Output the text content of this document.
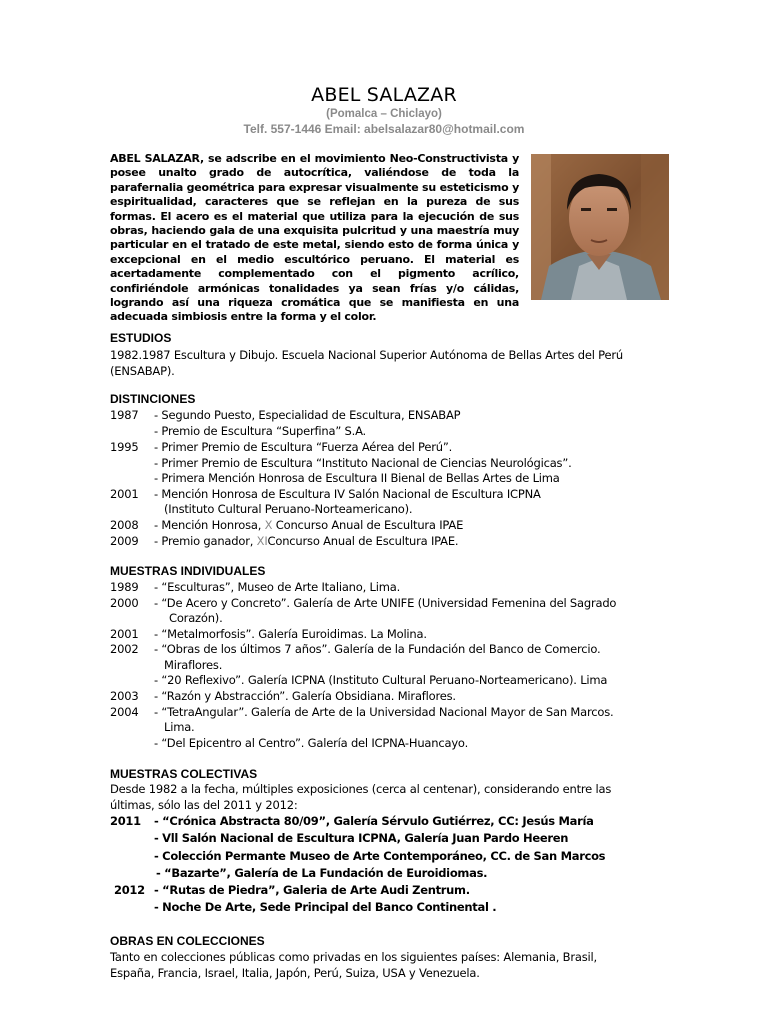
ABEL SALAZAR
(Pomalca – Chiclayo)
Telf. 557-1446 Email: abelsalazar80@hotmail.com
ABEL SALAZAR, se adscribe en el movimiento Neo-Constructivista y posee unalto grado de autocrítica, valiéndose de toda la parafernalia geométrica para expresar visualmente su esteticismo y espiritualidad, caracteres que se reflejan en la pureza de sus formas. El acero es el material que utiliza para la ejecución de sus obras, haciendo gala de una exquisita pulcritud y una maestría muy particular en el tratado de este metal, siendo esto de forma única y excepcional en el medio escultórico peruano. El material es acertadamente complementado con el pigmento acrílico, confiriéndole armónicas tonalidades ya sean frías y/o cálidas, logrando así una riqueza cromática que se manifiesta en una adecuada simbiosis entre la forma y el color.
ESTUDIOS
1982.1987 Escultura y Dibujo. Escuela Nacional Superior Autónoma de Bellas Artes del Perú (ENSABAP).
DISTINCIONES
1987 - Segundo Puesto, Especialidad de Escultura, ENSABAP
- Premio de Escultura “Superfina” S.A.
1995 - Primer Premio de Escultura “Fuerza Aérea del Perú”.
- Primer Premio de Escultura “Instituto Nacional de Ciencias Neurológicas”.
- Primera Mención Honrosa de Escultura II Bienal de Bellas Artes de Lima
2001 - Mención Honrosa de Escultura IV Salón Nacional de Escultura ICPNA
(Instituto Cultural Peruano-Norteamericano).
2008 - Mención Honrosa, X Concurso Anual de Escultura IPAE
2009 - Premio ganador, XIConcurso Anual de Escultura IPAE.
MUESTRAS INDIVIDUALES
1989 - “Esculturas”, Museo de Arte Italiano, Lima.
2000 - “De Acero y Concreto”. Galería de Arte UNIFE (Universidad Femenina del Sagrado
Corazón).
2001 - “Metalmorfosis”. Galería Euroidimas. La Molina.
2002 - “Obras de los últimos 7 años”. Galería de la Fundación del Banco de Comercio.
Miraflores.
- “20 Reflexivo”. Galería ICPNA (Instituto Cultural Peruano-Norteamericano). Lima
2003 - “Razón y Abstracción”. Galería Obsidiana. Miraflores.
2004 - “TetraAngular”. Galería de Arte de la Universidad Nacional Mayor de San Marcos.
Lima.
- “Del Epicentro al Centro”. Galería del ICPNA-Huancayo.
MUESTRAS COLECTIVAS
Desde 1982 a la fecha, múltiples exposiciones (cerca al centenar), considerando entre las últimas, sólo las del 2011 y 2012:
2011 - “Crónica Abstracta 80/09”, Galería Sérvulo Gutiérrez, CC: Jesús María
- Vll Salón Nacional de Escultura ICPNA, Galería Juan Pardo Heeren
- Colección Permante Museo de Arte Contemporáneo, CC. de San Marcos
- “Bazarte”, Galería de La Fundación de Euroidiomas.
2012 - “Rutas de Piedra”, Galeria de Arte Audi Zentrum.
- Noche De Arte, Sede Principal del Banco Continental .
OBRAS EN COLECCIONES
Tanto en colecciones públicas como privadas en los siguientes países: Alemania, Brasil, España, Francia, Israel, Italia, Japón, Perú, Suiza, USA y Venezuela.
